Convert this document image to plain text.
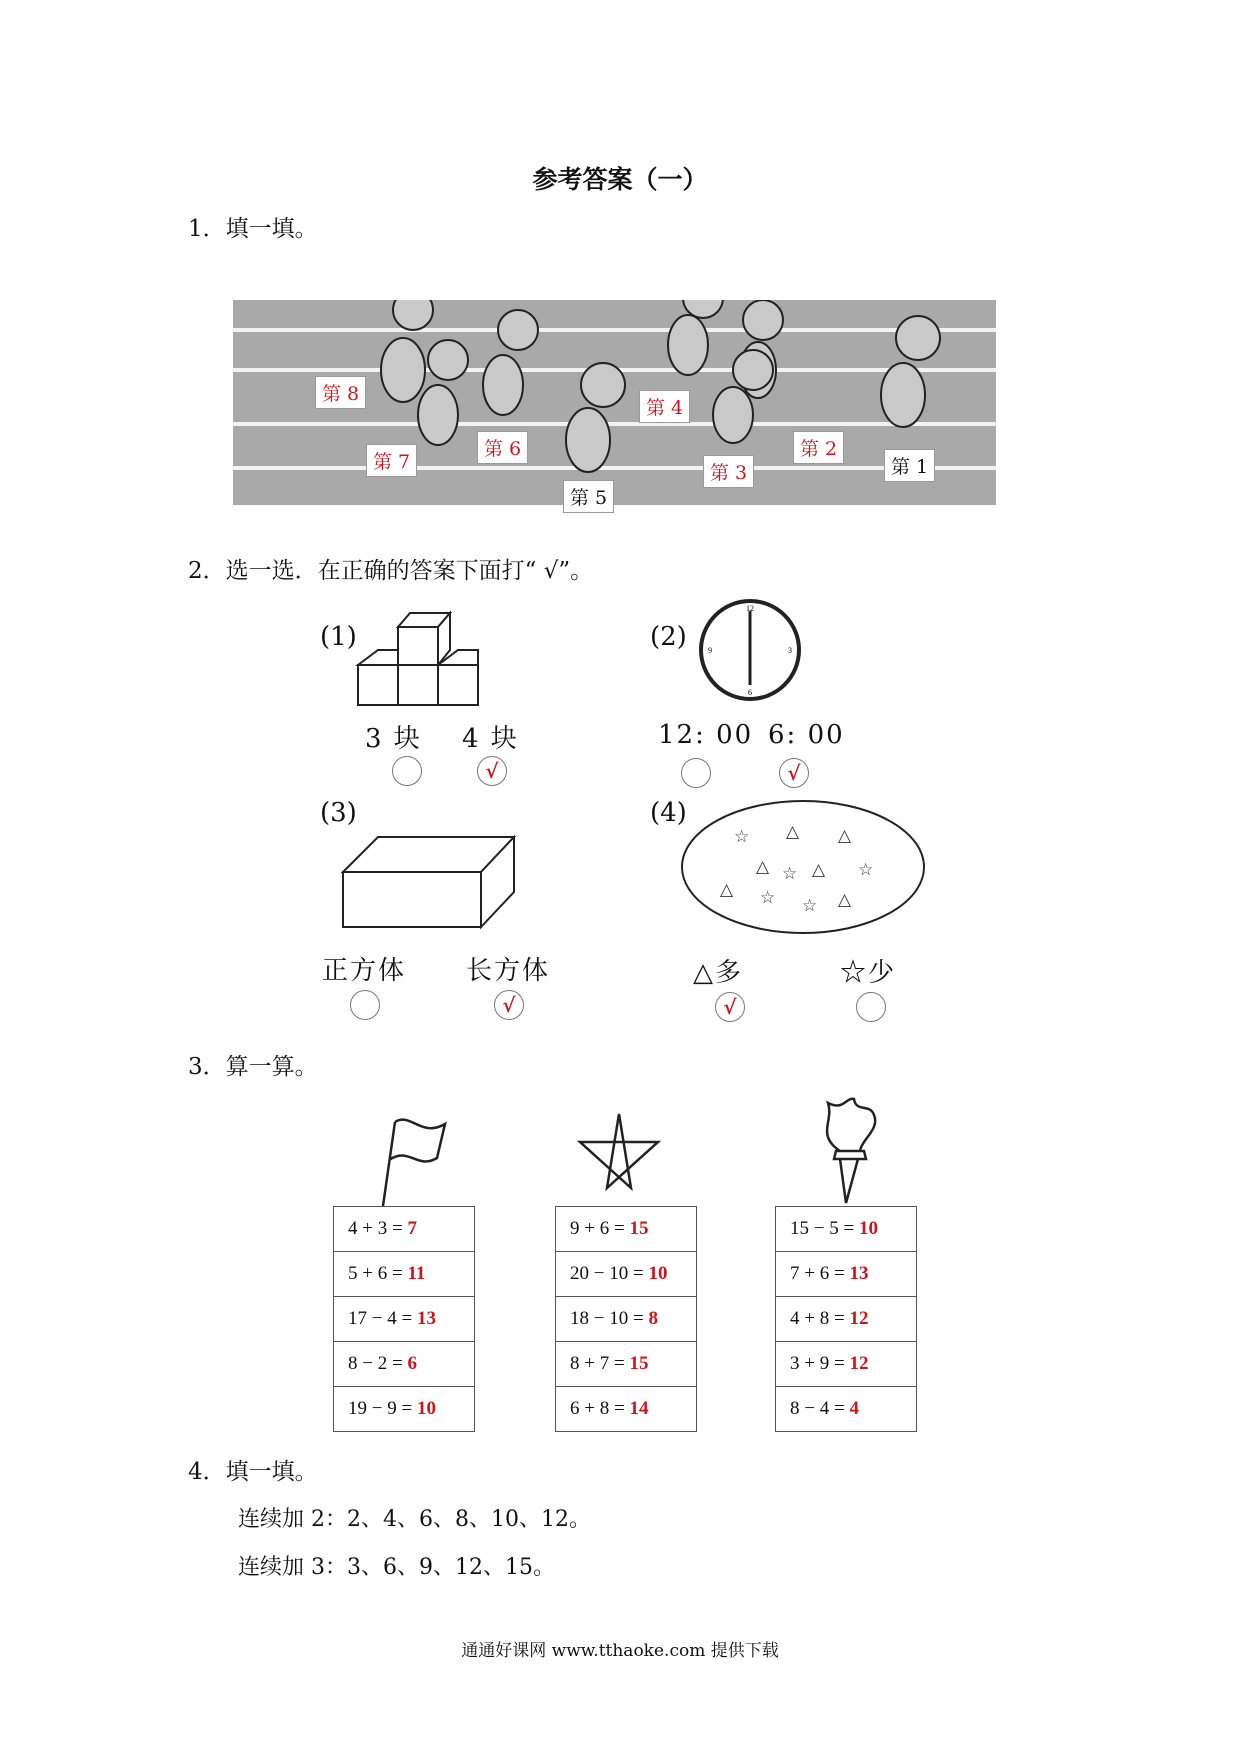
参考答案（一）
1．填一填。
第 8
第 7
第 6
第 5
第 4
第 3
第 2
第 1
2．选一选．在正确的答案下面打“ √”。
(1)
3 块 4 块
√
(2)
12
3
6
9
12: 00 6: 00
√
(3)
正方体 长方体
√
(4)
☆ △ △
△ ☆ △ ☆
△ ☆ ☆ △
△多	☆少
√
3．算一算。
4 + 3 = 7
5 + 6 = 11
17 − 4 = 13
8 − 2 = 6
19 − 9 = 10
9 + 6 = 15
20 − 10 = 10
18 − 10 = 8
8 + 7 = 15
6 + 8 = 14
15 − 5 = 10
7 + 6 = 13
4 + 8 = 12
3 + 9 = 12
8 − 4 = 4
4．填一填。
连续加 2：2、4、6、8、10、12。
连续加 3：3、6、9、12、15。
通通好课网 www.tthaoke.com 提供下载
